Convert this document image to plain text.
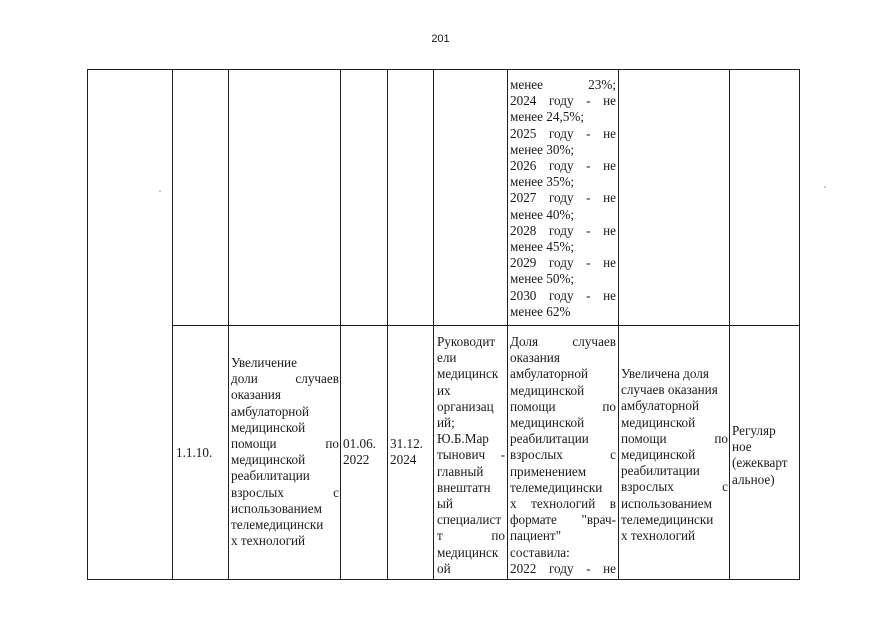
201
менее 23%;
2024 году - не
менее 24,5%;
2025 году - не
менее 30%;
2026 году - не
менее 35%;
2027 году - не
менее 40%;
2028 году - не
менее 45%;
2029 году - не
менее 50%;
2030 году - не
менее 62%
1.1.10.
Увеличение
доли случаев
оказания
амбулаторной
медицинской
помощи по
медицинской
реабилитации
взрослых с
использованием
телемедицински
х технологий
01.06.
2022
31.12.
2024
Руководит
ели
медицинск
их
организац
ий;
Ю.Б.Мар
тынович -
главный
внештатн
ый
специалист
т по
медицинск
ой
Доля случаев
оказания
амбулаторной
медицинской
помощи по
медицинской
реабилитации
взрослых с
применением
телемедицински
х технологий в
формате "врач-
пациент"
составила:
2022 году - не
Увеличена доля
случаев оказания
амбулаторной
медицинской
помощи по
медицинской
реабилитации
взрослых с
использованием
телемедицински
х технологий
Регуляр
ное
(ежекварт
альное)
